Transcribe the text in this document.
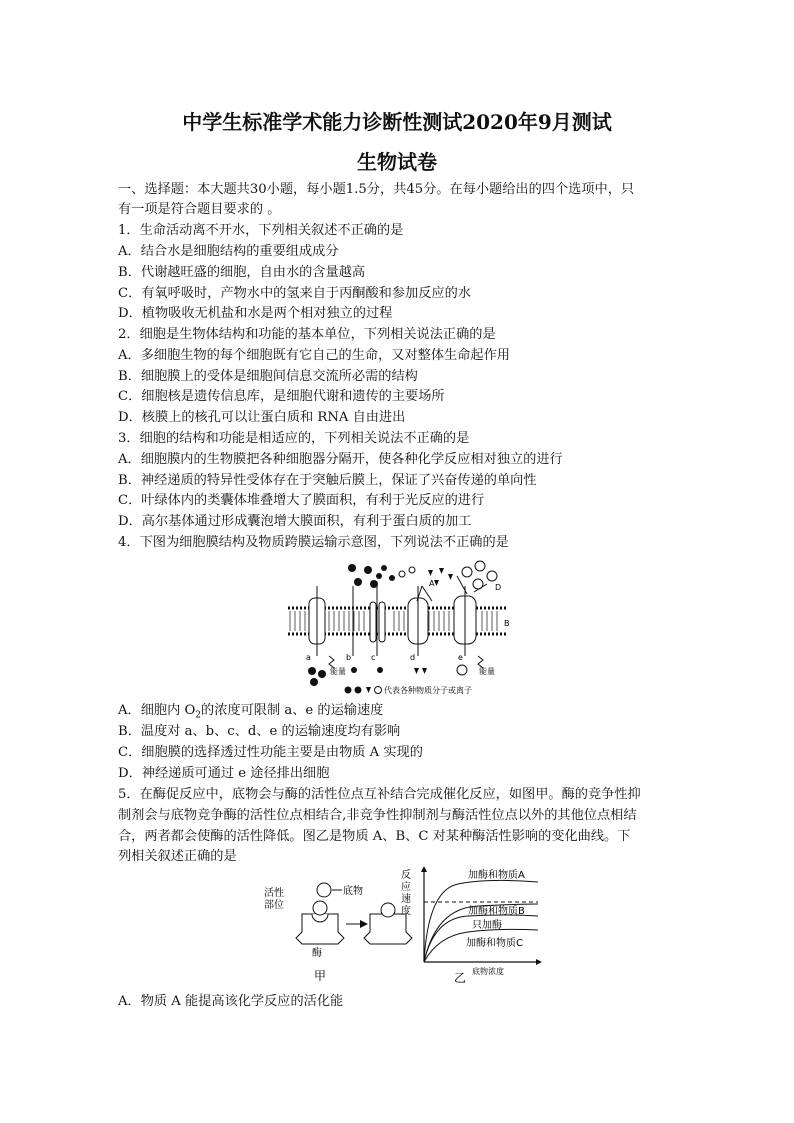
中学生标准学术能力诊断性测试2020年9月测试
生物试卷
一、选择题：本大题共30小题，每小题1.5分，共45分。在每小题给出的四个选项中，只
有一项是符合题目要求的 。
1．生命活动离不开水，下列相关叙述不正确的是
A．结合水是细胞结构的重要组成成分
B．代谢越旺盛的细胞，自由水的含量越高
C．有氧呼吸时，产物水中的氢来自于丙酮酸和参加反应的水
D．植物吸收无机盐和水是两个相对独立的过程
2．细胞是生物体结构和功能的基本单位，下列相关说法正确的是
A．多细胞生物的每个细胞既有它自己的生命，又对整体生命起作用
B．细胞膜上的受体是细胞间信息交流所必需的结构
C．细胞核是遗传信息库，是细胞代谢和遗传的主要场所
D．核膜上的核孔可以让蛋白质和 RNA 自由进出
3．细胞的结构和功能是相适应的，下列相关说法不正确的是
A．细胞膜内的生物膜把各种细胞器分隔开，使各种化学反应相对独立的进行
B．神经递质的特异性受体存在于突触后膜上，保证了兴奋传递的单向性
C．叶绿体内的类囊体堆叠增大了膜面积，有利于光反应的进行
D．高尔基体通过形成囊泡增大膜面积，有利于蛋白质的加工
4．下图为细胞膜结构及物质跨膜运输示意图，下列说法不正确的是
a	b c	d	e
A
B
D
能量	能量
代表各种物质分子或离子
A．细胞内 $O_2$的浓度可限制 a、e 的运输速度
B．温度对 a、b、c、d、e 的运输速度均有影响
C．细胞膜的选择透过性功能主要是由物质 A 实现的
D．神经递质可通过 e 途径排出细胞
5．在酶促反应中，底物会与酶的活性位点互补结合完成催化反应，如图甲。酶的竞争性抑
制剂会与底物竞争酶的活性位点相结合,非竞争性抑制剂与酶活性位点以外的其他位点相结
合，两者都会使酶的活性降低。图乙是物质 A、B、C 对某种酶活性影响的变化曲线。下
列相关叙述正确的是
活性
部位
底物
酶
甲
反
应
速
度
底物浓度
加酶和物质A
加酶和物质B
只加酶
加酶和物质C
乙
A．物质 A 能提高该化学反应的活化能
